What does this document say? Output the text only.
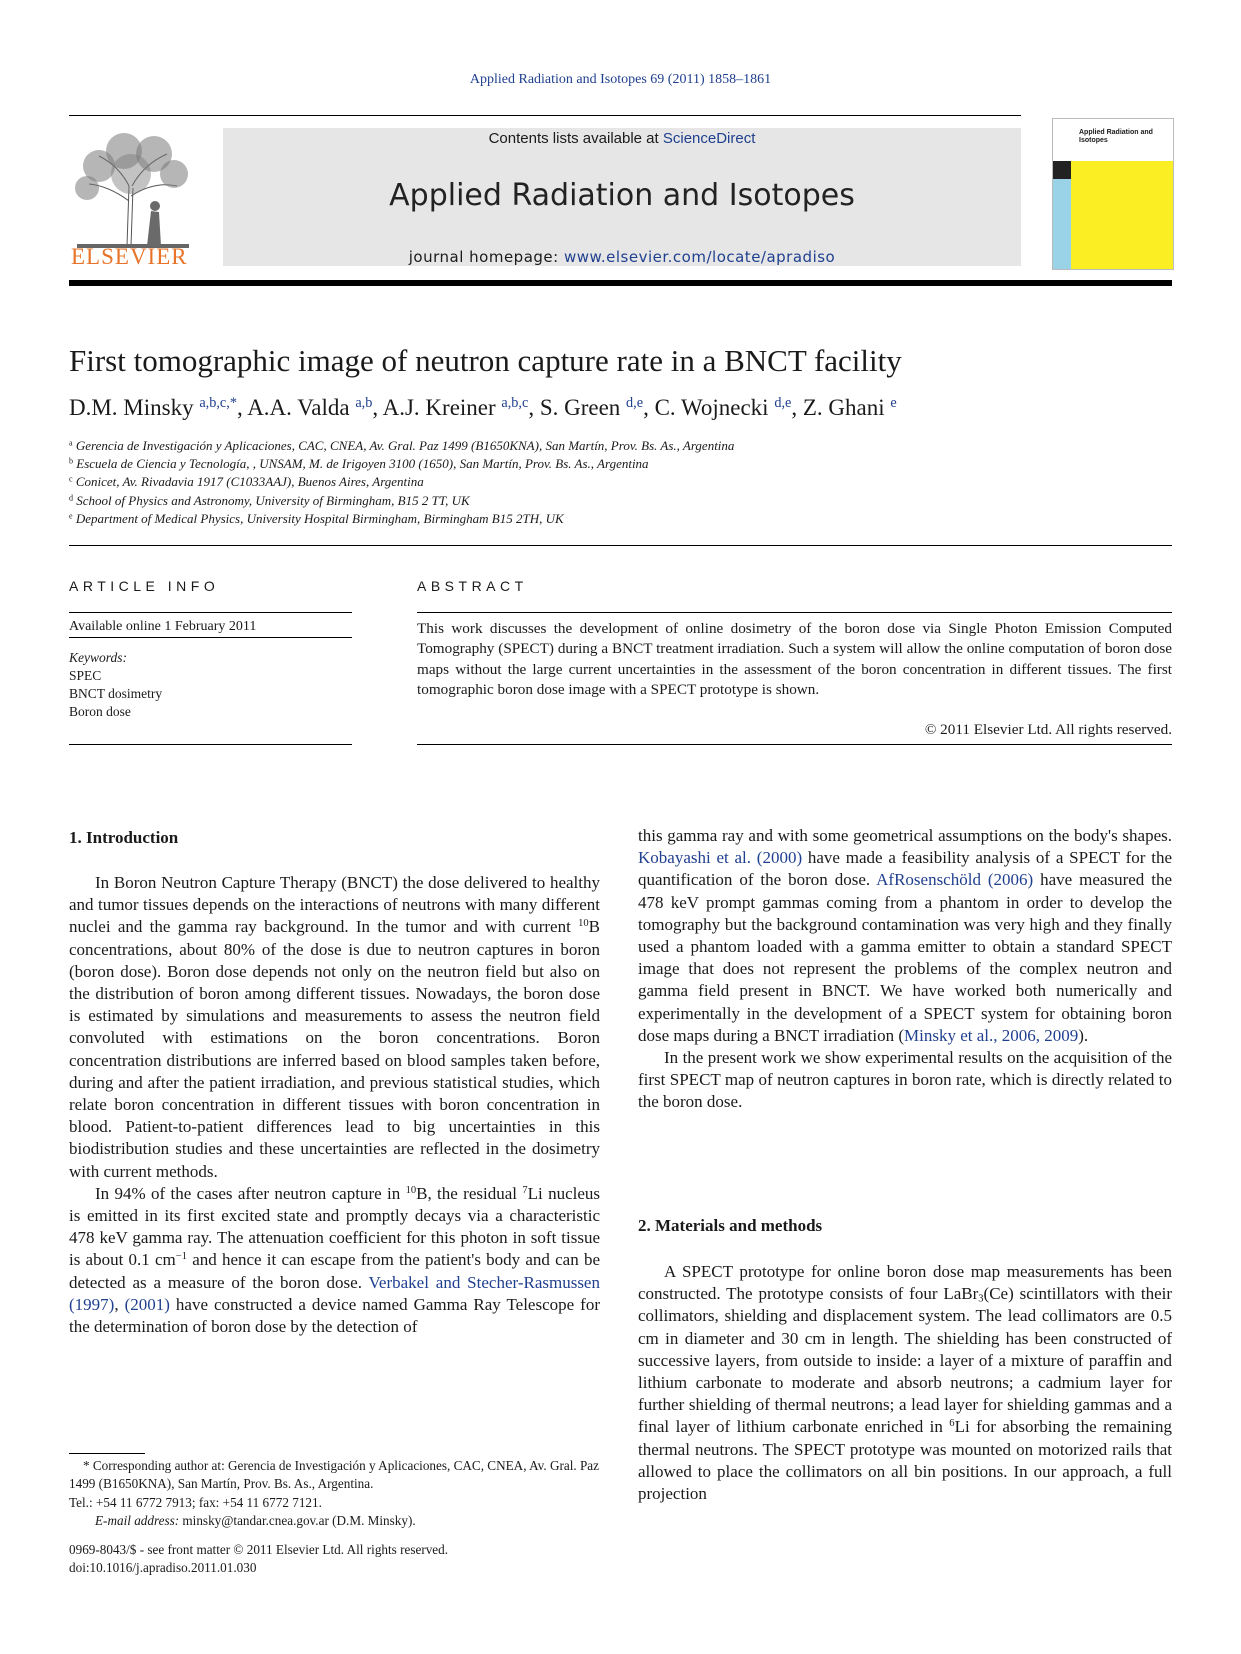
Applied Radiation and Isotopes 69 (2011) 1858–1861
ELSEVIER
Contents lists available at ScienceDirect
Applied Radiation and Isotopes
journal homepage: www.elsevier.com/locate/apradiso
Applied Radiation and Isotopes
First tomographic image of neutron capture rate in a BNCT facility
D.M. Minsky $^{a,b,c,*}$, A.A. Valda $^{a,b}$, A.J. Kreiner $^{a,b,c}$, S. Green $^{d,e}$, C. Wojnecki $^{d,e}$, Z. Ghani $^e$
$^a$ Gerencia de Investigación y Aplicaciones, CAC, CNEA, Av. Gral. Paz 1499 (B1650KNA), San Martín, Prov. Bs. As., Argentina
$^b$ Escuela de Ciencia y Tecnología, , UNSAM, M. de Irigoyen 3100 (1650), San Martín, Prov. Bs. As., Argentina
$^c$ Conicet, Av. Rivadavia 1917 (C1033AAJ), Buenos Aires, Argentina
$^d$ School of Physics and Astronomy, University of Birmingham, B15 2 TT, UK
$^e$ Department of Medical Physics, University Hospital Birmingham, Birmingham B15 2TH, UK
ARTICLE INFO
Available online 1 February 2011
Keywords:
SPEC
BNCT dosimetry
Boron dose
ABSTRACT
This work discusses the development of online dosimetry of the boron dose via Single Photon Emission Computed Tomography (SPECT) during a BNCT treatment irradiation. Such a system will allow the online computation of boron dose maps without the large current uncertainties in the assessment of the boron concentration in different tissues. The first tomographic boron dose image with a SPECT prototype is shown.
© 2011 Elsevier Ltd. All rights reserved.
1. Introduction

In Boron Neutron Capture Therapy (BNCT) the dose delivered to healthy and tumor tissues depends on the interactions of neutrons with many different nuclei and the gamma ray background. In the tumor and with current $^{10}$B concentrations, about 80% of the dose is due to neutron captures in boron (boron dose). Boron dose depends not only on the neutron field but also on the distribution of boron among different tissues. Nowadays, the boron dose is estimated by simulations and measurements to assess the neutron field convoluted with estimations on the boron concentrations. Boron concentration distributions are inferred based on blood samples taken before, during and after the patient irradiation, and previous statistical studies, which relate boron concentration in different tissues with boron concentration in blood. Patient-to-patient differences lead to big uncertainties in this biodistribution studies and these uncertainties are reflected in the dosimetry with current methods.

In 94% of the cases after neutron capture in $^{10}$B, the residual $^7$Li nucleus is emitted in its first excited state and promptly decays via a characteristic 478 keV gamma ray. The attenuation coefficient for this photon in soft tissue is about 0.1 $cm^{-1}$ and hence it can escape from the patient's body and can be detected as a measure of the boron dose. Verbakel and Stecher-Rasmussen (1997), (2001) have constructed a device named Gamma Ray Telescope for the determination of boron dose by the detection of

this gamma ray and with some geometrical assumptions on the body's shapes. Kobayashi et al. (2000) have made a feasibility analysis of a SPECT for the quantification of the boron dose. AfRosenschöld (2006) have measured the 478 keV prompt gammas coming from a phantom in order to develop the tomography but the background contamination was very high and they finally used a phantom loaded with a gamma emitter to obtain a standard SPECT image that does not represent the problems of the complex neutron and gamma field present in BNCT. We have worked both numerically and experimentally in the development of a SPECT system for obtaining boron dose maps during a BNCT irradiation (Minsky et al., 2006, 2009).

In the present work we show experimental results on the acquisition of the first SPECT map of neutron captures in boron rate, which is directly related to the boron dose.

2. Materials and methods

A SPECT prototype for online boron dose map measurements has been constructed. The prototype consists of four LaBr$_3$(Ce) scintillators with their collimators, shielding and displacement system. The lead collimators are 0.5 cm in diameter and 30 cm in length. The shielding has been constructed of successive layers, from outside to inside: a layer of a mixture of paraffin and lithium carbonate to moderate and absorb neutrons; a cadmium layer for further shielding of thermal neutrons; a lead layer for shielding gammas and a final layer of lithium carbonate enriched in $^6$Li for absorbing the remaining thermal neutrons. The SPECT prototype was mounted on motorized rails that allowed to place the collimators on all bin positions. In our approach, a full projection

* Corresponding author at: Gerencia de Investigación y Aplicaciones, CAC, CNEA, Av. Gral. Paz 1499 (B1650KNA), San Martín, Prov. Bs. As., Argentina.

Tel.: +54 11 6772 7913; fax: +54 11 6772 7121.

E-mail address: minsky@tandar.cnea.gov.ar (D.M. Minsky).

0969-8043/$ - see front matter © 2011 Elsevier Ltd. All rights reserved.
doi:10.1016/j.apradiso.2011.01.030
